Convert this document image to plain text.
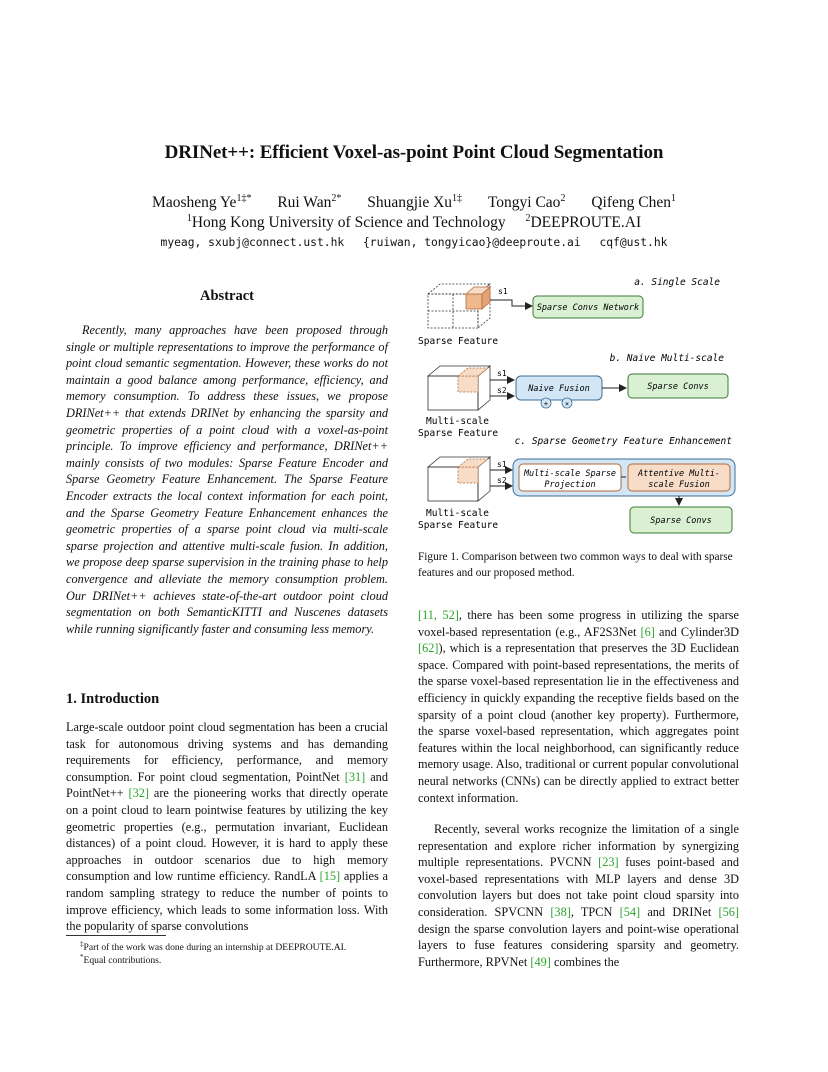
DRINet++: Efficient Voxel-as-point Point Cloud Segmentation
Maosheng $Ye^{1\ddagger*}$ Rui Wan$^{2*}$ Shuangjie $Xu^{1\ddagger}$ Tongyi Cao$^2$ Qifeng Chen$^1$
$^1$Hong Kong University of Science and Technology $^2$DEEPROUTE.AI
myeag, sxubj@connect.ust.hk {ruiwan, tongyicao}@deeproute.ai cqf@ust.hk
Abstract
Recently, many approaches have been proposed through single or multiple representations to improve the performance of point cloud semantic segmentation. However, these works do not maintain a good balance among performance, efficiency, and memory consumption. To address these issues, we propose DRINet++ that extends DRINet by enhancing the sparsity and geometric properties of a point cloud with a voxel-as-point principle. To improve efficiency and performance, DRINet++ mainly consists of two modules: Sparse Feature Encoder and Sparse Geometry Feature Enhancement. The Sparse Feature Encoder extracts the local context information for each point, and the Sparse Geometry Feature Enhancement enhances the geometric properties of a sparse point cloud via multi-scale sparse projection and attentive multi-scale fusion. In addition, we propose deep sparse supervision in the training phase to help convergence and alleviate the memory consumption problem. Our DRINet++ achieves state-of-the-art outdoor point cloud segmentation on both SemanticKITTI and Nuscenes datasets while running significantly faster and consuming less memory.
1. Introduction
Large-scale outdoor point cloud segmentation has been a crucial task for autonomous driving systems and has demanding requirements for efficiency, performance, and memory consumption. For point cloud segmentation, PointNet [31] and PointNet++ [32] are the pioneering works that directly operate on a point cloud to learn pointwise features by utilizing the key geometric properties (e.g., permutation invariant, Euclidean distances) of a point cloud. However, it is hard to apply these approaches in outdoor scenarios due to high memory consumption and low runtime efficiency. RandLA [15] applies a random sampling strategy to reduce the number of points to improve efficiency, which leads to some information loss. With the popularity of sparse convolutions
[11, 52], there has been some progress in utilizing the sparse voxel-based representation (e.g., AF2S3Net [6] and Cylinder3D [62]), which is a representation that preserves the 3D Euclidean space. Compared with point-based representations, the merits of the sparse voxel-based representation lie in the effectiveness and efficiency in quickly expanding the receptive fields based on the sparsity of a point cloud (another key property). Furthermore, the sparse voxel-based representation, which aggregates point features within the local neighborhood, can significantly reduce memory usage. Also, traditional or current popular convolutional neural networks (CNNs) can be directly applied to extract better context information.
Recently, several works recognize the limitation of a single representation and explore richer information by synergizing multiple representations. PVCNN [23] fuses point-based and voxel-based representations with MLP layers and dense 3D convolution layers but does not take point cloud sparsity into consideration. SPVCNN [38], TPCN [54] and DRINet [56] design the sparse convolution layers and point-wise operational layers to fuse features considering sparsity and geometry. Furthermore, RPVNet [49] combines the
‡Part of the work was done during an internship at DEEPROUTE.AI.
*Equal contributions.
a. Single Scale
Sparse Feature
s1
Sparse Convs Network
b. Naive Multi-scale
Multi-scale
Sparse Feature
s1
s2	Naive Fusion
+ ×
Sparse Convs
c. Sparse Geometry Feature Enhancement
Multi-scale
Sparse Feature
s1
s2
Multi-scale Sparse
Projection
Attentive Multi-
scale Fusion
Sparse Convs
Figure 1. Comparison between two common ways to deal with sparse features and our proposed method.
